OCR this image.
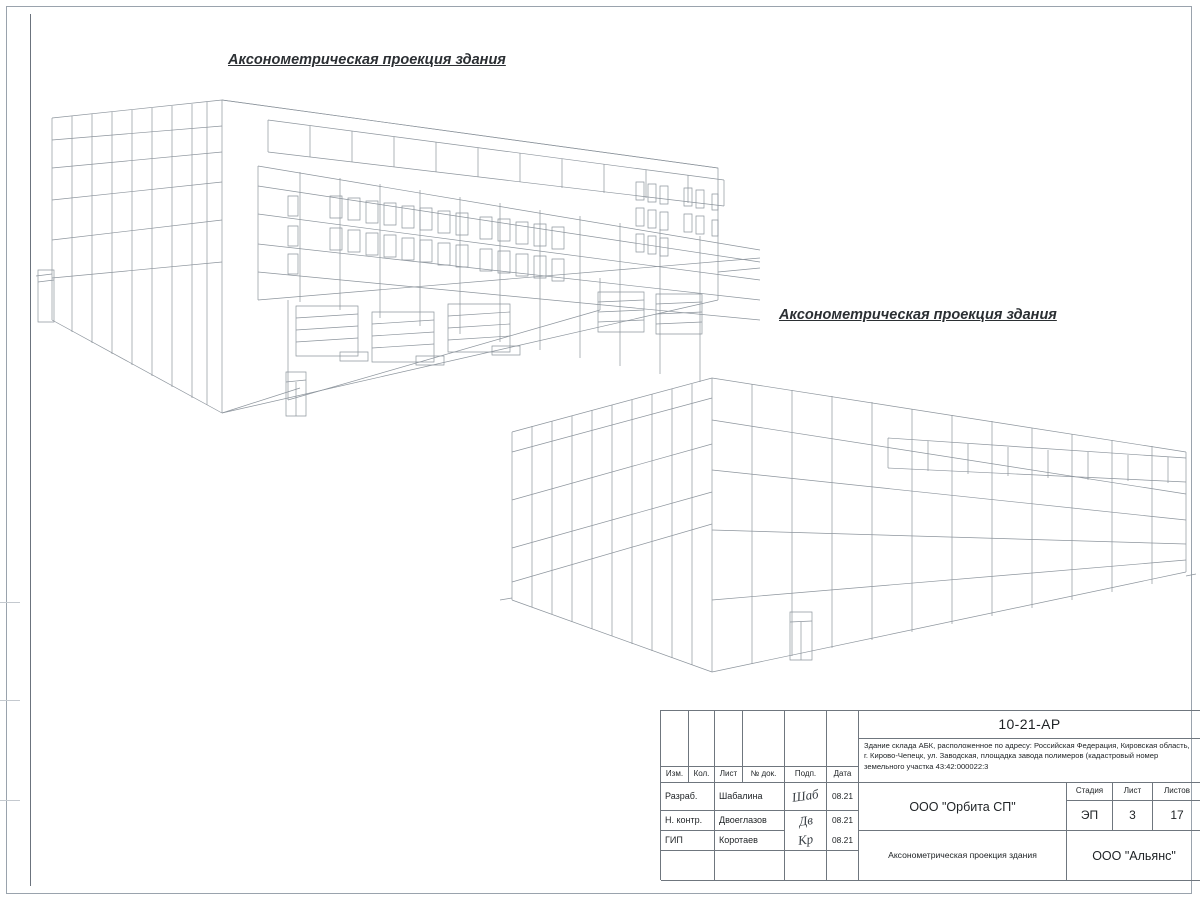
Аксонометрическая проекция здания
Аксонометрическая проекция здания
Изм.	Кол.	Лист	№ док.	Подп.	Дата
Разраб.	Шабалина	Шаб	08.21
Н. контр.	Двоеглазов	Дв	08.21
ГИП	Коротаев	Кр	08.21
10-21-АР
Здание склада АБК, расположенное по адресу: Российская Федерация, Кировская область, г. Кирово-Чепецк, ул. Заводская, площадка завода полимеров (кадастровый номер земельного участка 43:42:000022:3
ООО "Орбита СП"
Стадия	Лист	Листов
ЭП	3	17
Аксонометрическая проекция здания	ООО "Альянс"
